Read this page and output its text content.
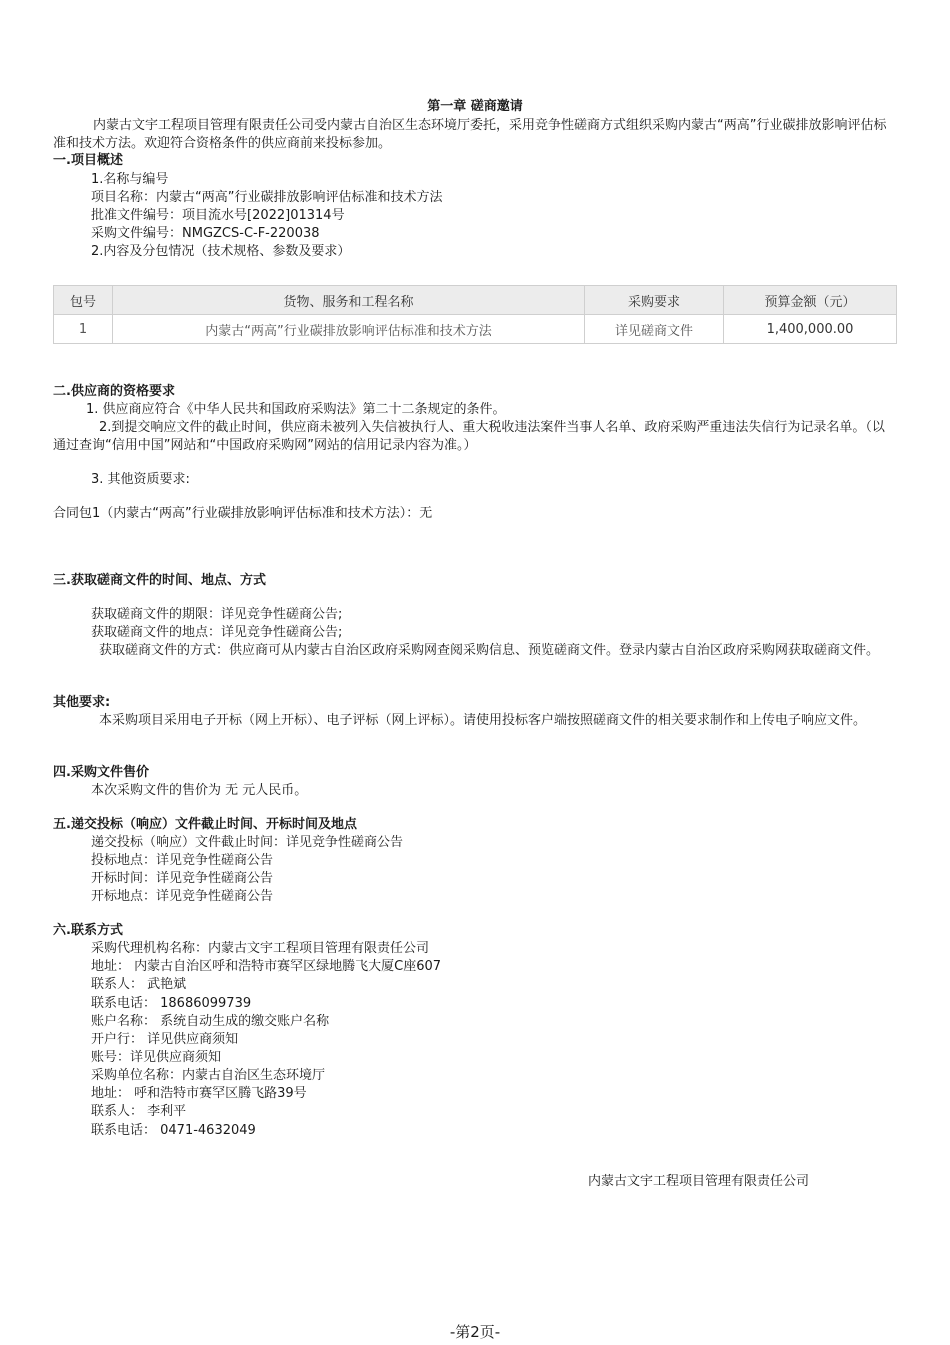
第一章 磋商邀请
内蒙古文宇工程项目管理有限责任公司受内蒙古自治区生态环境厅委托，采用竞争性磋商方式组织采购内蒙古“两高”行业碳排放影响评估标准和技术方法。欢迎符合资格条件的供应商前来投标参加。
一.项目概述
1.名称与编号
项目名称：内蒙古“两高”行业碳排放影响评估标准和技术方法
批准文件编号：项目流水号[2022]01314号
采购文件编号：NMGZCS-C-F-220038
2.内容及分包情况（技术规格、参数及要求）
包号	货物、服务和工程名称	采购要求	预算金额（元）
1	内蒙古“两高”行业碳排放影响评估标准和技术方法	详见磋商文件	1,400,000.00
二.供应商的资格要求
1. 供应商应符合《中华人民共和国政府采购法》第二十二条规定的条件。
2.到提交响应文件的截止时间，供应商未被列入失信被执行人、重大税收违法案件当事人名单、政府采购严重违法失信行为记录名单。（以通过查询“信用中国”网站和“中国政府采购网”网站的信用记录内容为准。）
3. 其他资质要求:
合同包1（内蒙古“两高”行业碳排放影响评估标准和技术方法）：无
三.获取磋商文件的时间、地点、方式
获取磋商文件的期限：详见竞争性磋商公告;
获取磋商文件的地点：详见竞争性磋商公告;
获取磋商文件的方式：供应商可从内蒙古自治区政府采购网查阅采购信息、预览磋商文件。登录内蒙古自治区政府采购网获取磋商文件。
其他要求:
本采购项目采用电子开标（网上开标）、电子评标（网上评标）。请使用投标客户端按照磋商文件的相关要求制作和上传电子响应文件。
四.采购文件售价
本次采购文件的售价为 无 元人民币。
五.递交投标（响应）文件截止时间、开标时间及地点
递交投标（响应）文件截止时间：详见竞争性磋商公告
投标地点：详见竞争性磋商公告
开标时间：详见竞争性磋商公告
开标地点：详见竞争性磋商公告
六.联系方式
采购代理机构名称：内蒙古文宇工程项目管理有限责任公司
地址： 内蒙古自治区呼和浩特市赛罕区绿地腾飞大厦C座607
联系人： 武艳斌
联系电话： 18686099739
账户名称： 系统自动生成的缴交账户名称
开户行： 详见供应商须知
账号：详见供应商须知
采购单位名称：内蒙古自治区生态环境厅
地址： 呼和浩特市赛罕区腾飞路39号
联系人： 李利平
联系电话： 0471-4632049
内蒙古文宇工程项目管理有限责任公司
-第2页-
